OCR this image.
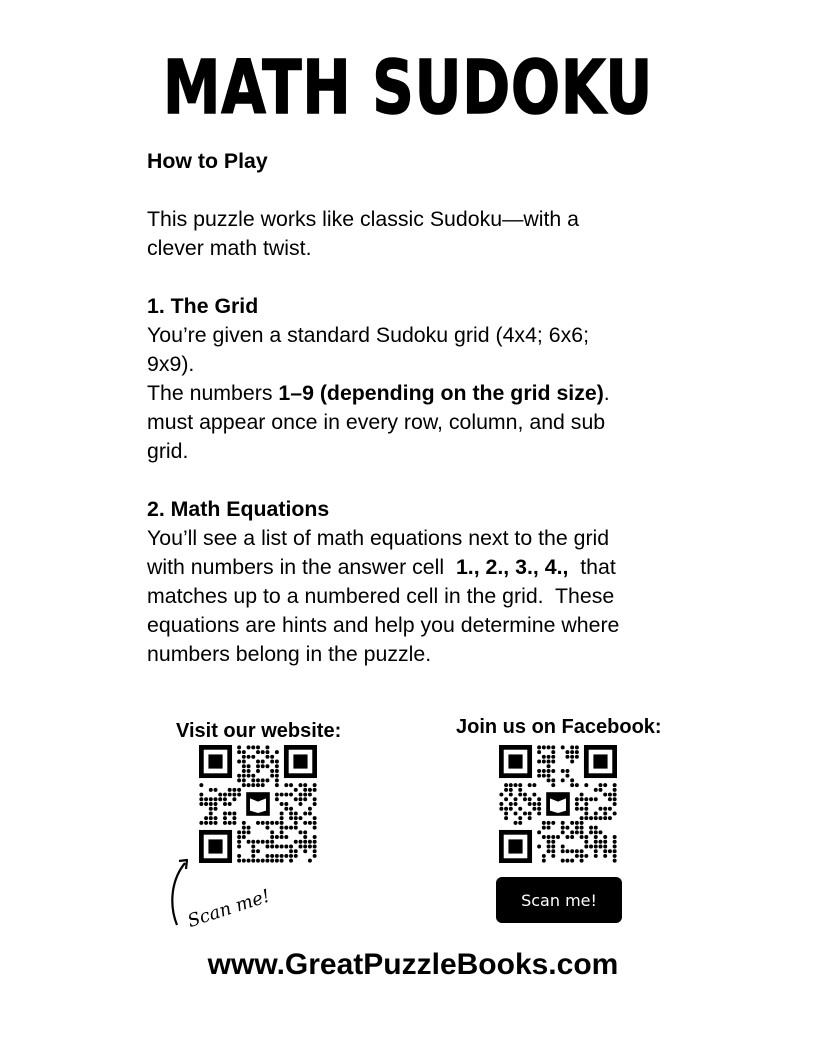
MATH SUDOKU

How to Play

This puzzle works like classic Sudoku—with a

clever math twist.

1. The Grid

You’re given a standard Sudoku grid (4x4; 6x6;

9x9).

The numbers 1–9 (depending on the grid size).

must appear once in every row, column, and sub

grid.

2. Math Equations

You’ll see a list of math equations next to the grid

with numbers in the answer cell  1., 2., 3., 4.,  that

matches up to a numbered cell in the grid.  These

equations are hints and help you determine where

numbers belong in the puzzle.

Visit our website:	Join us on Facebook:
Scan me!	Scan me!
www.GreatPuzzleBooks.com
